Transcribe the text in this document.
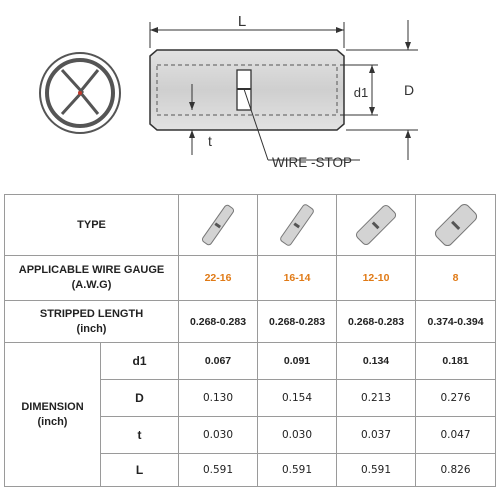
L
d1	D
t
WIRE -STOP
TYPE	

APPLICABLE WIRE GAUGE
(A.W.G)		22-16	16-14	12-10	8

STRIPPED LENGTH
(inch)		0.268-0.283	0.268-0.283	0.268-0.283	0.374-0.394

DIMENSION
(inch)	d1	0.067	0.091	0.134	0.181
	D	0.130	0.154	0.213	0.276
	t	0.030	0.030	0.037	0.047
	L	0.591	0.591	0.591	0.826
